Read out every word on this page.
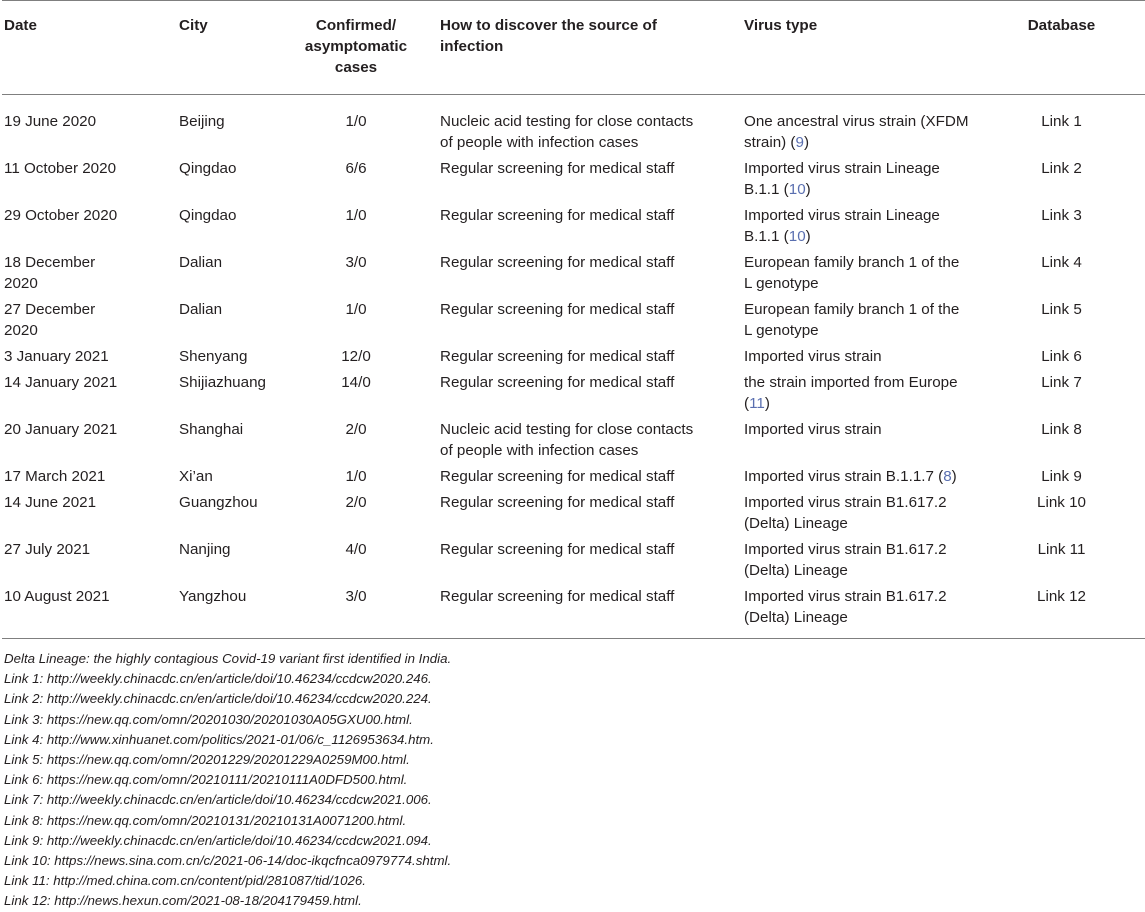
Date	City	Confirmed/ asymptomatic cases	How to discover the source of infection	Virus type	Database

19 June 2020	Beijing	1/0	Nucleic acid testing for close contacts of people with infection cases	One ancestral virus strain (XFDM strain) (9)	Link 1

11 October 2020	Qingdao	6/6	Regular screening for medical staff	Imported virus strain Lineage B.1.1 (10)	Link 2

29 October 2020	Qingdao	1/0	Regular screening for medical staff	Imported virus strain Lineage B.1.1 (10)	Link 3

18 December 2020	Dalian	3/0	Regular screening for medical staff	European family branch 1 of the L genotype	Link 4

27 December 2020	Dalian	1/0	Regular screening for medical staff	European family branch 1 of the L genotype	Link 5

3 January 2021	Shenyang	12/0	Regular screening for medical staff	Imported virus strain	Link 6

14 January 2021	Shijiazhuang	14/0	Regular screening for medical staff	the strain imported from Europe (11)	Link 7

20 January 2021	Shanghai	2/0	Nucleic acid testing for close contacts of people with infection cases	Imported virus strain	Link 8

17 March 2021	Xi’an	1/0	Regular screening for medical staff	Imported virus strain B.1.1.7 (8)	Link 9

14 June 2021	Guangzhou	2/0	Regular screening for medical staff	Imported virus strain B1.617.2 (Delta) Lineage	Link 10

27 July 2021	Nanjing	4/0	Regular screening for medical staff	Imported virus strain B1.617.2 (Delta) Lineage	Link 11

10 August 2021	Yangzhou	3/0	Regular screening for medical staff	Imported virus strain B1.617.2 (Delta) Lineage	Link 12
Delta Lineage: the highly contagious Covid-19 variant first identified in India.
Link 1: http://weekly.chinacdc.cn/en/article/doi/10.46234/ccdcw2020.246.
Link 2: http://weekly.chinacdc.cn/en/article/doi/10.46234/ccdcw2020.224.
Link 3: https://new.qq.com/omn/20201030/20201030A05GXU00.html.
Link 4: http://www.xinhuanet.com/politics/2021-01/06/c_1126953634.htm.
Link 5: https://new.qq.com/omn/20201229/20201229A0259M00.html.
Link 6: https://new.qq.com/omn/20210111/20210111A0DFD500.html.
Link 7: http://weekly.chinacdc.cn/en/article/doi/10.46234/ccdcw2021.006.
Link 8: https://new.qq.com/omn/20210131/20210131A0071200.html.
Link 9: http://weekly.chinacdc.cn/en/article/doi/10.46234/ccdcw2021.094.
Link 10: https://news.sina.com.cn/c/2021-06-14/doc-ikqcfnca0979774.shtml.
Link 11: http://med.china.com.cn/content/pid/281087/tid/1026.
Link 12: http://news.hexun.com/2021-08-18/204179459.html.
